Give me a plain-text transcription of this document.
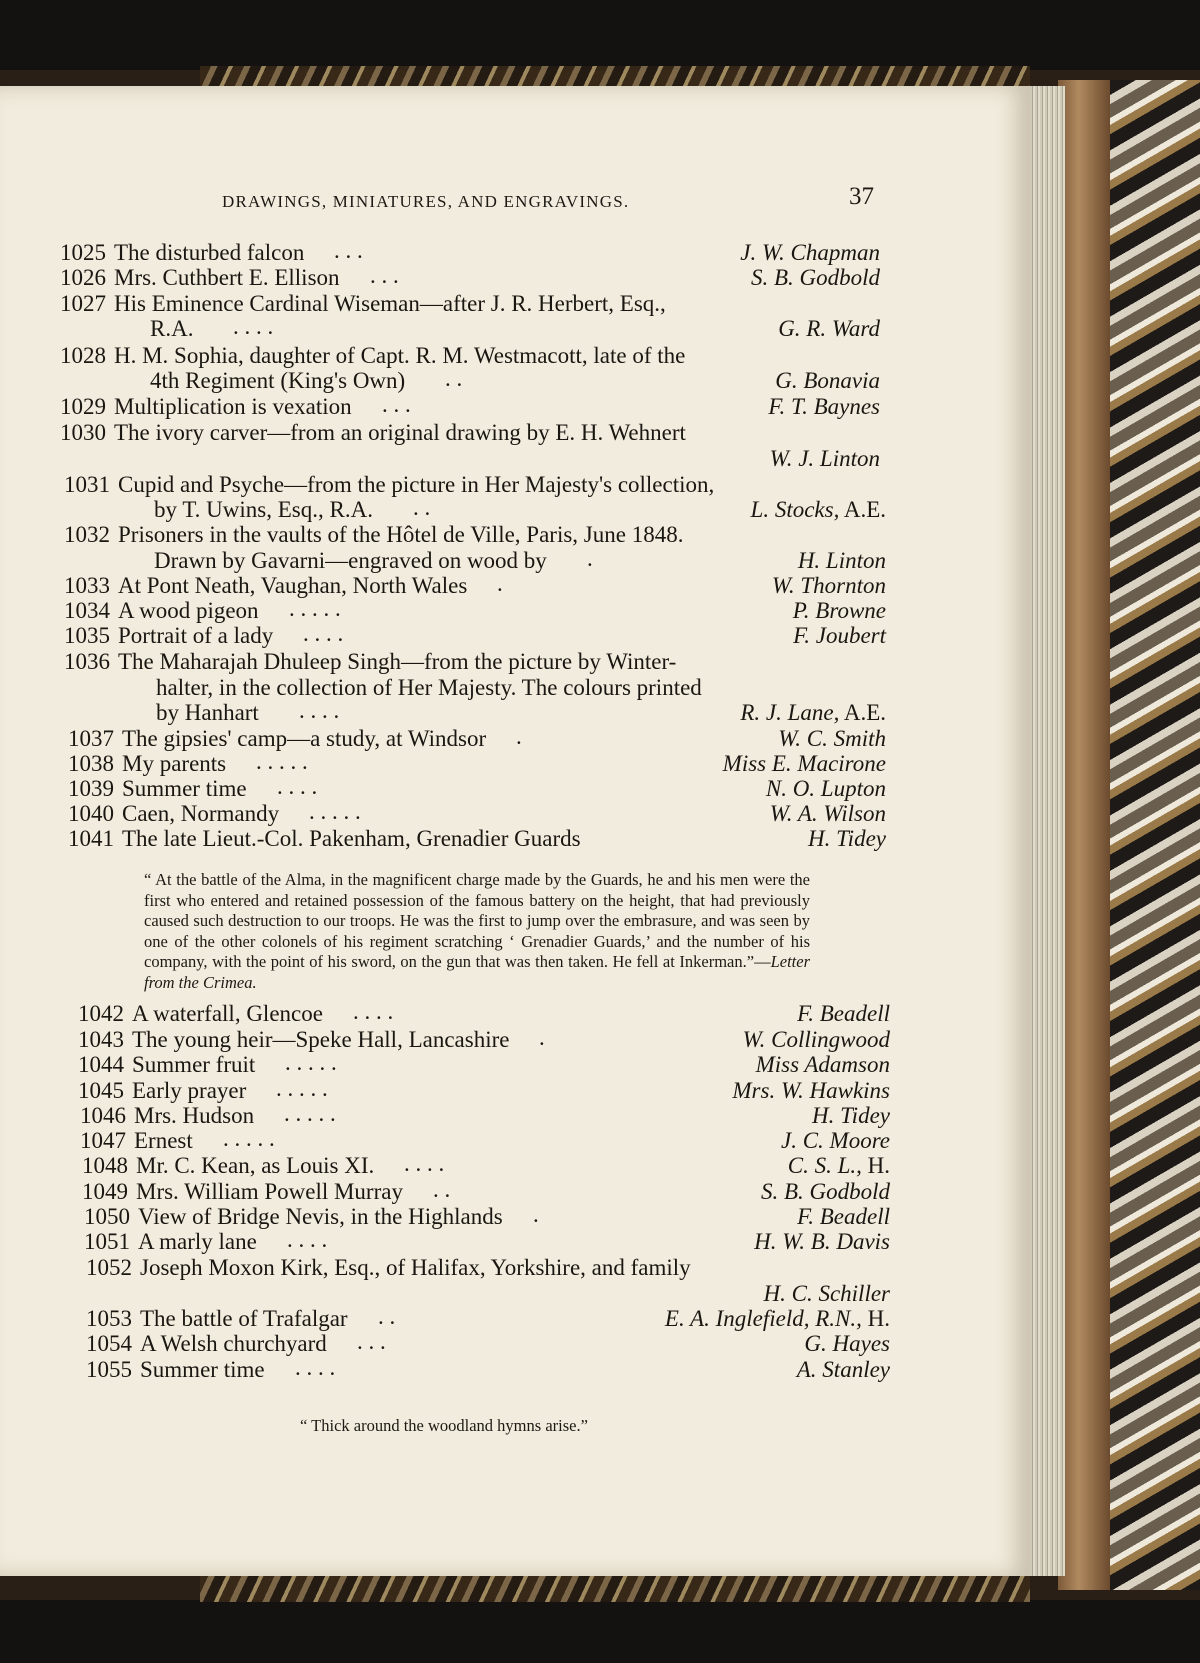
DRAWINGS, MINIATURES, AND ENGRAVINGS.	37
1025 The disturbed falcon . . .	J. W. Chapman
1026 Mrs. Cuthbert E. Ellison . . .	S. B. Godbold
1027 His Eminence Cardinal Wiseman—after J. R. Herbert, Esq.,
R.A. . . . .	G. R. Ward
1028 H. M. Sophia, daughter of Capt. R. M. Westmacott, late of the
4th Regiment (King's Own) . .	G. Bonavia
1029 Multiplication is vexation . . .	F. T. Baynes
1030 The ivory carver—from an original drawing by E. H. Wehnert
W. J. Linton
1031 Cupid and Psyche—from the picture in Her Majesty's collection,
by T. Uwins, Esq., R.A. . .	L. Stocks, A.E.
1032 Prisoners in the vaults of the Hôtel de Ville, Paris, June 1848.
Drawn by Gavarni—engraved on wood by .	H. Linton
1033 At Pont Neath, Vaughan, North Wales .	W. Thornton
1034 A wood pigeon . . . . .	P. Browne
1035 Portrait of a lady . . . .	F. Joubert
1036 The Maharajah Dhuleep Singh—from the picture by Winter-
halter, in the collection of Her Majesty. The colours printed
by Hanhart . . . .	R. J. Lane, A.E.
1037 The gipsies' camp—a study, at Windsor .	W. C. Smith
1038 My parents . . . . .	Miss E. Macirone
1039 Summer time . . . .	N. O. Lupton
1040 Caen, Normandy . . . . .	W. A. Wilson
1041 The late Lieut.-Col. Pakenham, Grenadier Guards	H. Tidey
1042 A waterfall, Glencoe . . . .	F. Beadell
1043 The young heir—Speke Hall, Lancashire .	W. Collingwood
1044 Summer fruit . . . . .	Miss Adamson
1045 Early prayer . . . . .	Mrs. W. Hawkins
1046 Mrs. Hudson . . . . .	H. Tidey
1047 Ernest . . . . .	J. C. Moore
1048 Mr. C. Kean, as Louis XI. . . . .	C. S. L., H.
1049 Mrs. William Powell Murray . .	S. B. Godbold
1050 View of Bridge Nevis, in the Highlands .	F. Beadell
1051 A marly lane . . . .	H. W. B. Davis
1052 Joseph Moxon Kirk, Esq., of Halifax, Yorkshire, and family
H. C. Schiller
1053 The battle of Trafalgar . .	E. A. Inglefield, R.N., H.
1054 A Welsh churchyard . . .	G. Hayes
1055 Summer time . . . .	A. Stanley
“ At the battle of the Alma, in the magnificent charge made by the Guards, he and his men were the first who entered and retained possession of the famous battery on the height, that had previously caused such destruction to our troops. He was the first to jump over the embrasure, and was seen by one of the other colonels of his regiment scratching ‘ Grenadier Guards,’ and the number of his company, with the point of his sword, on the gun that was then taken. He fell at Inkerman.”—Letter from the Crimea.
“ Thick around the woodland hymns arise.”
